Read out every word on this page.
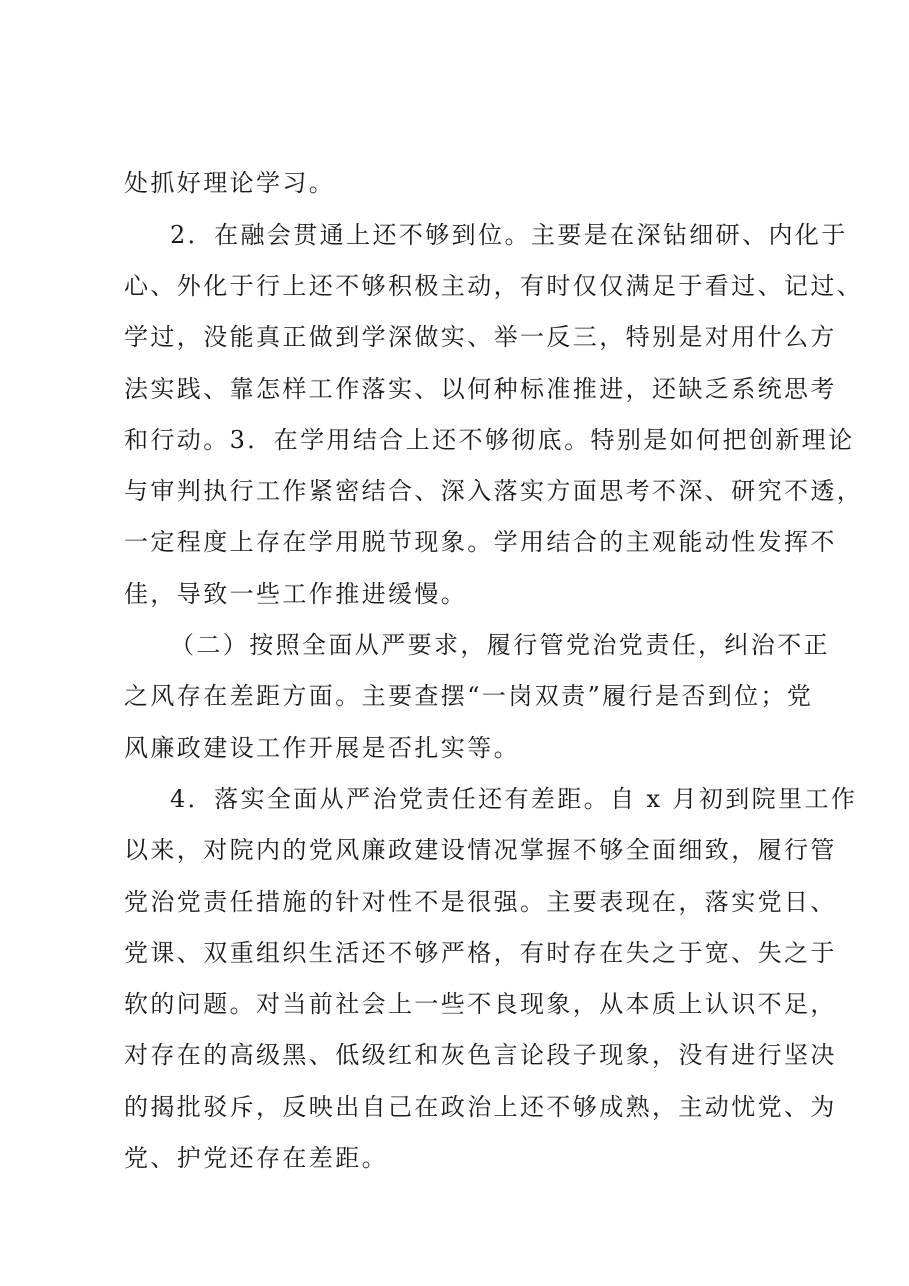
处抓好理论学习。
2．在融会贯通上还不够到位。主要是在深钻细研、内化于
心、外化于行上还不够积极主动，有时仅仅满足于看过、记过、
学过，没能真正做到学深做实、举一反三，特别是对用什么方
法实践、靠怎样工作落实、以何种标准推进，还缺乏系统思考
和行动。3．在学用结合上还不够彻底。特别是如何把创新理论
与审判执行工作紧密结合、深入落实方面思考不深、研究不透，
一定程度上存在学用脱节现象。学用结合的主观能动性发挥不
佳，导致一些工作推进缓慢。
（二）按照全面从严要求，履行管党治党责任，纠治不正
之风存在差距方面。主要查摆“一岗双责”履行是否到位；党
风廉政建设工作开展是否扎实等。
4．落实全面从严治党责任还有差距。自 x 月初到院里工作
以来，对院内的党风廉政建设情况掌握不够全面细致，履行管
党治党责任措施的针对性不是很强。主要表现在，落实党日、
党课、双重组织生活还不够严格，有时存在失之于宽、失之于
软的问题。对当前社会上一些不良现象，从本质上认识不足，
对存在的高级黑、低级红和灰色言论段子现象，没有进行坚决
的揭批驳斥，反映出自己在政治上还不够成熟，主动忧党、为
党、护党还存在差距。
